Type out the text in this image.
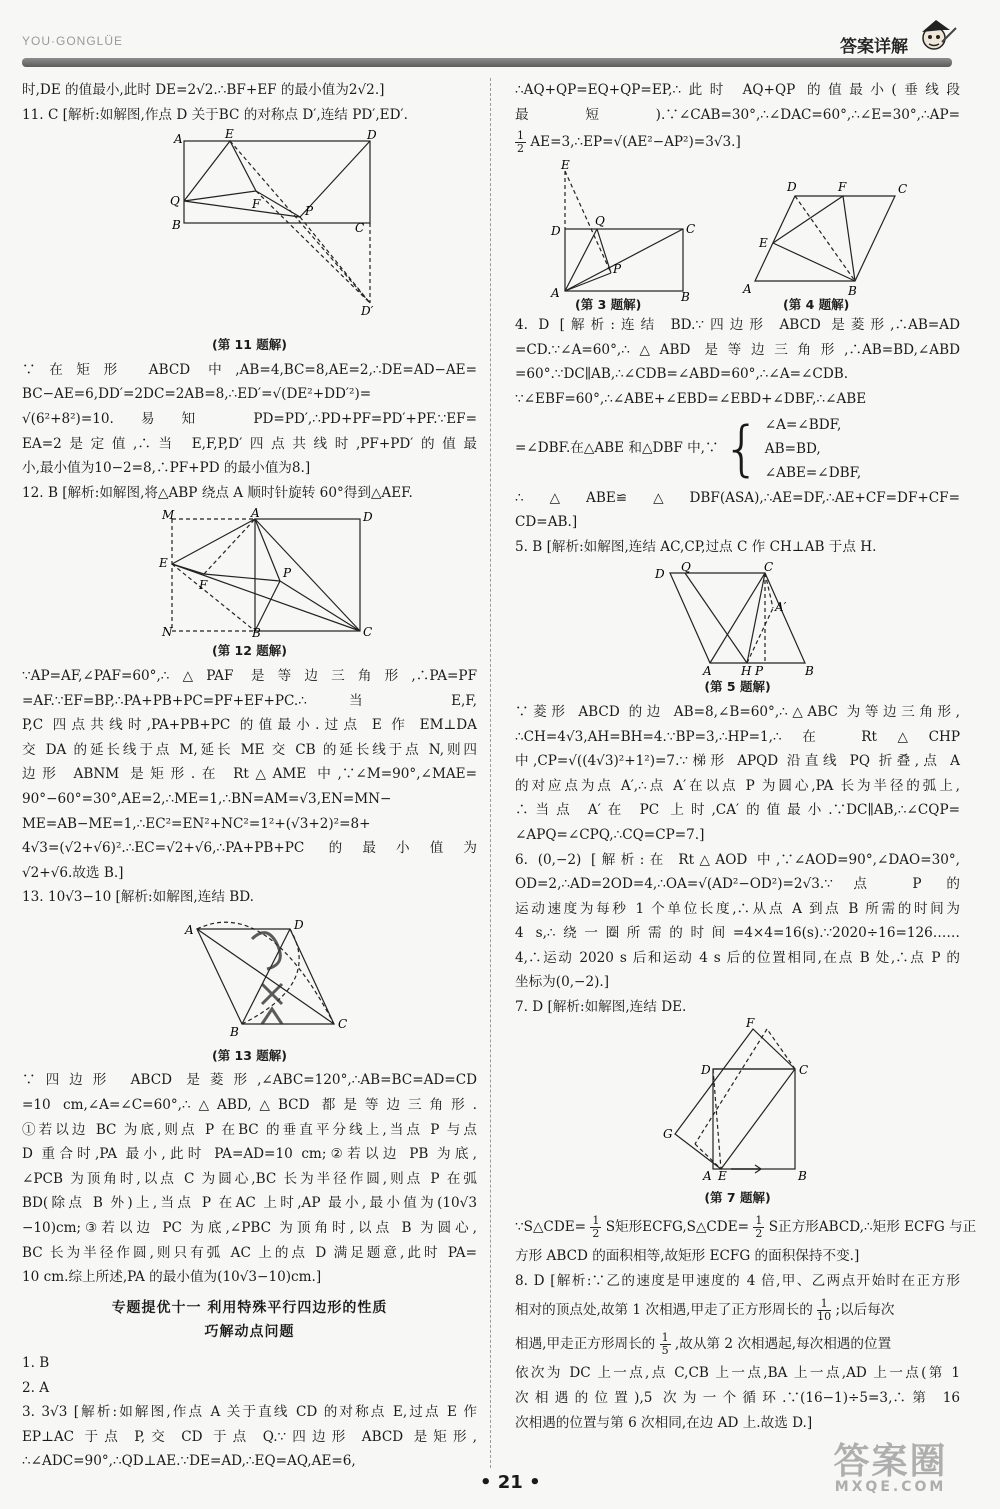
YOU·GONGLÜE	答案详解
时,DE 的值最小,此时 DE=2√2.∴BF+EF 的最小值为2√2.]
11. C [解析:如解图,作点 D 关于BC 的对称点 D′,连结 PD′,ED′.
A	E	D
Q	F	P
B	C
D′
(第 11 题解)
∵在矩形 ABCD 中,AB=4,BC=8,AE=2,∴DE=AD−AE=
BC−AE=6,DD′=2DC=2AB=8,∴ED′=√(DE²+DD′²)=
√(6²+8²)=10.易知 PD=PD′,∴PD+PF=PD′+PF.∵EF=
EA=2是定值,∴当 E,F,P,D′四点共线时,PF+PD′的值最
小,最小值为10−2=8,∴PF+PD 的最小值为8.]
12. B [解析:如解图,将△ABP 绕点 A 顺时针旋转 60°得到△AEF.
M	A	D
E
F
P
N	B	C
(第 12 题解)
∵AP=AF,∠PAF=60°,∴△PAF 是等边三角形,∴PA=PF
=AF.∵EF=BP,∴PA+PB+PC=PF+EF+PC.∴当 E,F,
P,C 四点共线时,PA+PB+PC 的值最小.过点 E 作 EM⊥DA
交 DA 的延长线于点 M,延长 ME 交 CB 的延长线于点 N,则四
边形 ABNM 是矩形.在 Rt△AME 中,∵∠M=90°,∠MAE=
90°−60°=30°,AE=2,∴ME=1,∴BN=AM=√3,EN=MN−
ME=AB−ME=1,∴EC²=EN²+NC²=1²+(√3+2)²=8+
4√3=(√2+√6)².∴EC=√2+√6,∴PA+PB+PC 的最小值为
√2+√6.故选 B.]
13. 10√3−10 [解析:如解图,连结 BD.
A	D
B
C
(第 13 题解)
∵四边形 ABCD 是菱形,∠ABC=120°,∴AB=BC=AD=CD
=10 cm,∠A=∠C=60°,∴△ABD,△BCD 都是等边三角形.
①若以边 BC 为底,则点 P 在BC 的垂直平分线上,当点 P 与点
D 重合时,PA 最小,此时 PA=AD=10 cm;②若以边 PB 为底,
∠PCB 为顶角时,以点 C 为圆心,BC 长为半径作圆,则点 P 在弧
BD(除点 B 外)上,当点 P 在AC 上时,AP 最小,最小值为(10√3
−10)cm;③若以边 PC 为底,∠PBC 为顶角时,以点 B 为圆心,
BC 长为半径作圆,则只有弧 AC 上的点 D 满足题意,此时 PA=
10 cm.综上所述,PA 的最小值为(10√3−10)cm.]
专题提优十一 利用特殊平行四边形的性质
巧解动点问题
1. B
2. A
3. 3√3 [解析:如解图,作点 A 关于直线 CD 的对称点 E,过点 E 作
EP⊥AC 于点 P,交 CD 于点 Q.∵四边形 ABCD 是矩形,
∴∠ADC=90°,∴QD⊥AE.∵DE=AD,∴EQ=AQ,AE=6,
∴AQ+QP=EQ+QP=EP,∴此时 AQ+QP 的值最小(垂线段
最短).∵∠CAB=30°,∴∠DAC=60°,∴∠E=30°,∴AP=
$\frac{1}{2}$ AE=3,∴EP=√(AE²−AP²)=3√3.]
E
D
Q
C
P
A	B
D	F	C
E
A	B
(第 3 题解)	(第 4 题解)
4. D [解析:连结 BD.∵四边形 ABCD 是菱形,∴AB=AD
=CD.∵∠A=60°,∴△ABD 是等边三角形,∴AB=BD,∠ABD
=60°.∵DC∥AB,∴∠CDB=∠ABD=60°,∴∠A=∠CDB.
∵∠EBF=60°,∴∠ABE+∠EBD=∠EBD+∠DBF,∴∠ABE
=∠DBF.在△ABE 和△DBF 中,∵ { ∠A=∠BDF,
AB=BD,
∠ABE=∠DBF,
∴△ABE≌△DBF(ASA),∴AE=DF,∴AE+CF=DF+CF=
CD=AB.]
5. B [解析:如解图,连结 AC,CP,过点 C 作 CH⊥AB 于点 H.
D Q	C
A′
A H P	B
(第 5 题解)
∵菱形 ABCD 的边 AB=8,∠B=60°,∴△ABC 为等边三角形,
∴CH=4√3,AH=BH=4.∵BP=3,∴HP=1,∴在 Rt△CHP
中,CP=√((4√3)²+1²)=7.∵梯形 APQD 沿直线 PQ 折叠,点 A
的对应点为点 A′,∴点 A′在以点 P 为圆心,PA 长为半径的弧上,
∴当点 A′在 PC 上时,CA′的值最小.∵DC∥AB,∴∠CQP=
∠APQ=∠CPQ,∴CQ=CP=7.]
6. (0,−2) [解析:在 Rt△AOD 中,∵∠AOD=90°,∠DAO=30°,
OD=2,∴AD=2OD=4,∴OA=√(AD²−OD²)=2√3.∵点 P 的
运动速度为每秒 1 个单位长度,∴从点 A 到点 B 所需的时间为
4 s,∴绕一圈所需的时间=4×4=16(s).∵2020÷16=126……
4,∴运动 2020 s 后和运动 4 s 后的位置相同,在点 B 处,∴点 P 的
坐标为(0,−2).]
7. D [解析:如解图,连结 DE.
F
D	C
G
A E	B
(第 7 题解)
∵S△CDE= $\frac{1}{2}$ S矩形ECFG,S△CDE= $\frac{1}{2}$ S正方形ABCD,∴矩形 ECFG 与正
方形 ABCD 的面积相等,故矩形 ECFG 的面积保持不变.]
8. D [解析:∵乙的速度是甲速度的 4 倍,甲、乙两点开始时在正方形
相对的顶点处,故第 1 次相遇,甲走了正方形周长的 $\frac{1}{10}$ ;以后每次
相遇,甲走正方形周长的 $\frac{1}{5}$ ,故从第 2 次相遇起,每次相遇的位置
依次为 DC 上一点,点 C,CB 上一点,BA 上一点,AD 上一点(第 1
次相遇的位置),5 次为一个循环.∵(16−1)÷5=3,∴第 16
次相遇的位置与第 6 次相同,在边 AD 上.故选 D.]
• 21 •
答案圈
MXQE.COM
